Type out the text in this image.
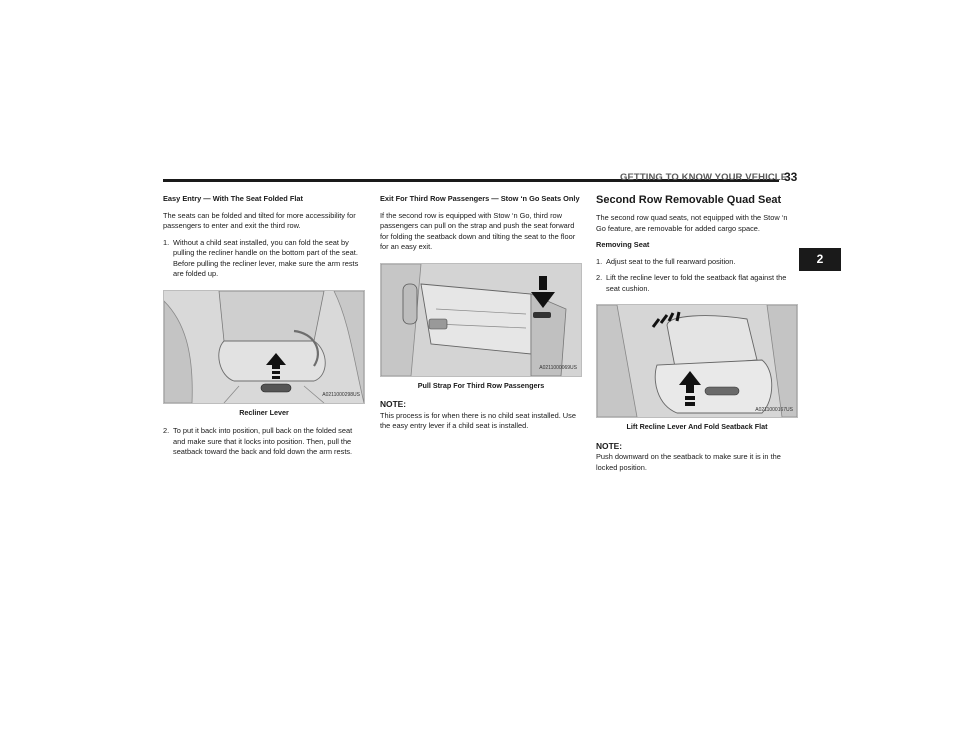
GETTING TO KNOW YOUR VEHICLE
33
2
Easy Entry — With The Seat Folded Flat

The seats can be folded and tilted for more accessibility for passengers to enter and exit the third row.

1. Without a child seat installed, you can fold the seat by pulling the recliner handle on the bottom part of the seat. Before pulling the recliner lever, make sure the arm rests are folded up.
A0211000298US
Recliner Lever
2. To put it back into position, pull back on the folded seat and make sure that it locks into position. Then, pull the seatback toward the back and fold down the arm rests.
Exit For Third Row Passengers — Stow ‘n Go Seats Only

If the second row is equipped with Stow ‘n Go, third row passengers can pull on the strap and push the seat forward for folding the seatback down and tilting the seat to the floor for an easy exit.

A0211000069US
Pull Strap For Third Row Passengers
NOTE:

This process is for when there is no child seat installed. Use the easy entry lever if a child seat is installed.

Second Row Removable Quad Seat

The second row quad seats, not equipped with the Stow ‘n Go feature, are removable for added cargo space.

Removing Seat
1. Adjust seat to the full rearward position.
2. Lift the recline lever to fold the seatback flat against the seat cushion.
A0211000167US
Lift Recline Lever And Fold Seatback Flat
NOTE:

Push downward on the seatback to make sure it is in the locked position.
